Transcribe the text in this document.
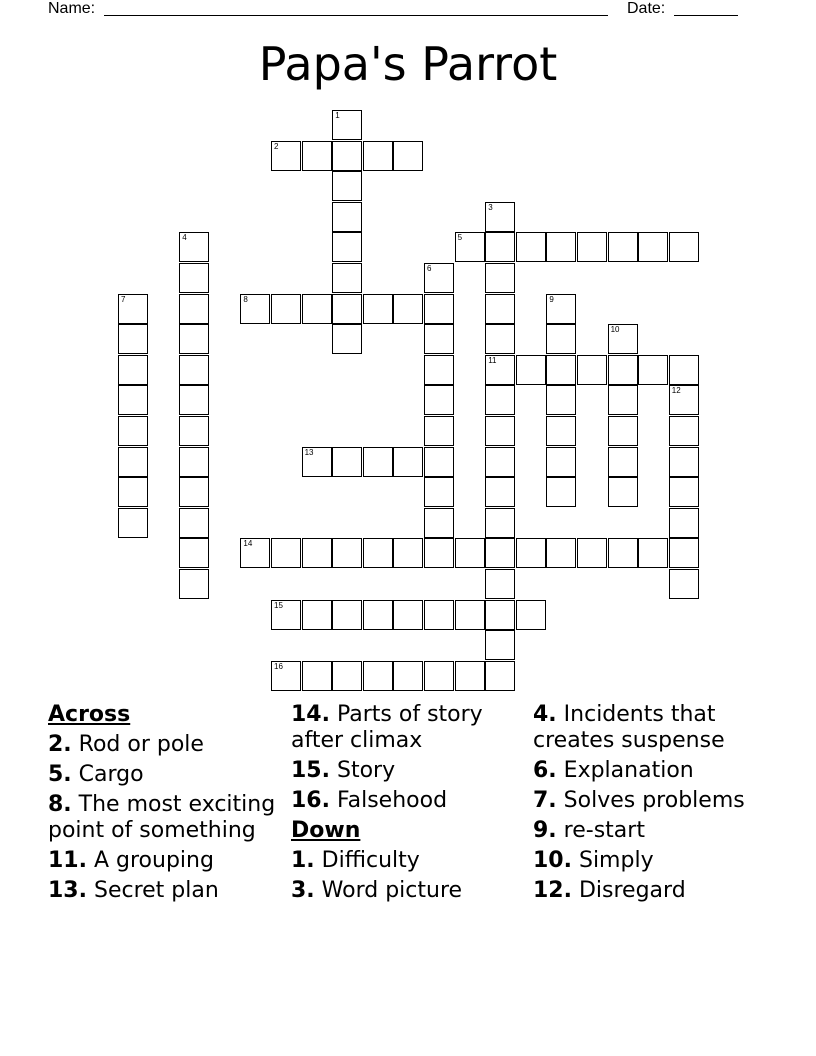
Name:	Date:
Papa's Parrot
1
2
3
11
4	5
6
7	8	9
10
12
13
14
15
16
Across
2. Rod or pole
5. Cargo
8. The most exciting point of something
11. A grouping
13. Secret plan
14. Parts of story after climax
15. Story
16. Falsehood
Down
1. Difficulty
3. Word picture
4. Incidents that creates suspense
6. Explanation
7. Solves problems
9. re-start
10. Simply
12. Disregard
